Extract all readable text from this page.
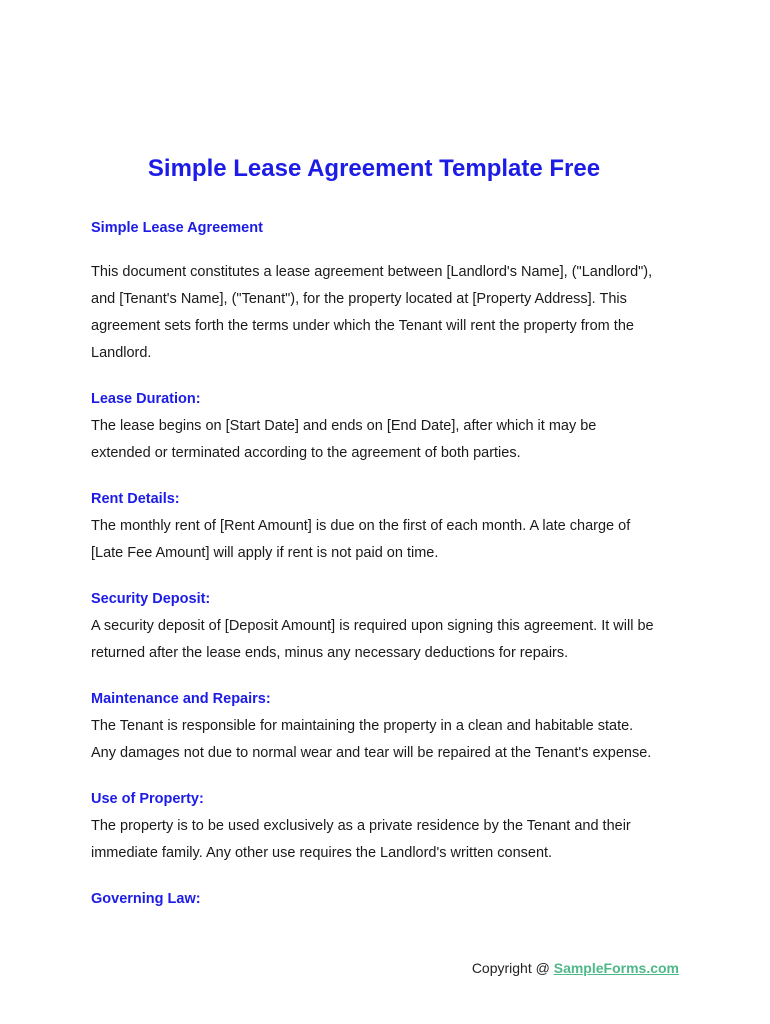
Simple Lease Agreement Template Free

Simple Lease Agreement

This document constitutes a lease agreement between [Landlord's Name], ("Landlord"),

and [Tenant's Name], ("Tenant"), for the property located at [Property Address]. This

agreement sets forth the terms under which the Tenant will rent the property from the

Landlord.

Lease Duration:

The lease begins on [Start Date] and ends on [End Date], after which it may be

extended or terminated according to the agreement of both parties.

Rent Details:

The monthly rent of [Rent Amount] is due on the first of each month. A late charge of

[Late Fee Amount] will apply if rent is not paid on time.

Security Deposit:

A security deposit of [Deposit Amount] is required upon signing this agreement. It will be

returned after the lease ends, minus any necessary deductions for repairs.

Maintenance and Repairs:

The Tenant is responsible for maintaining the property in a clean and habitable state.

Any damages not due to normal wear and tear will be repaired at the Tenant's expense.

Use of Property:

The property is to be used exclusively as a private residence by the Tenant and their

immediate family. Any other use requires the Landlord's written consent.

Governing Law:

Copyright @ SampleForms.com
